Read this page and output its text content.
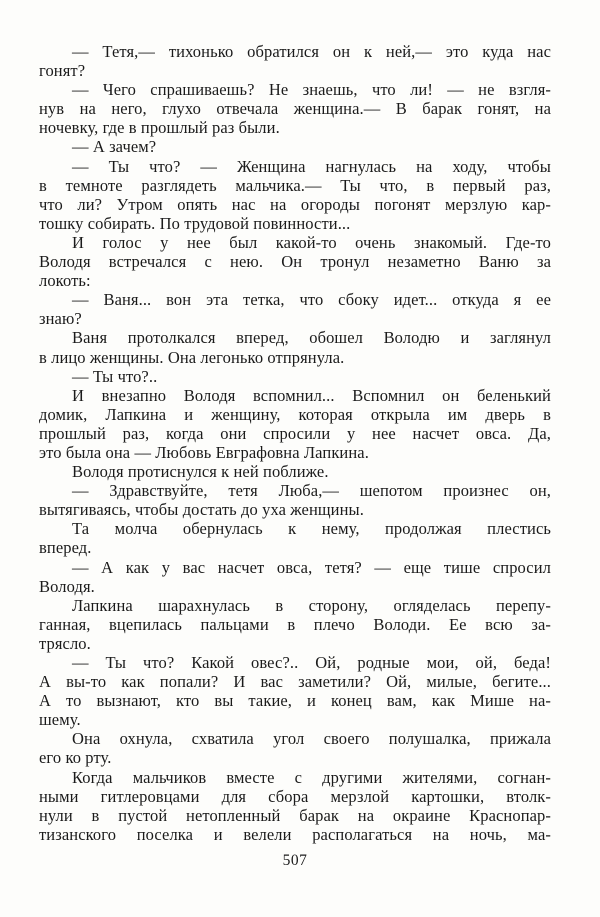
— Тетя,— тихонько обратился он к ней,— это куда нас
гонят?
— Чего спрашиваешь? Не знаешь, что ли! — не взгля-
нув на него, глухо отвечала женщина.— В барак гонят, на
ночевку, где в прошлый раз были.
— А зачем?
— Ты что? — Женщина нагнулась на ходу, чтобы
в темноте разглядеть мальчика.— Ты что, в первый раз,
что ли? Утром опять нас на огороды погонят мерзлую кар-
тошку собирать. По трудовой повинности...
И голос у нее был какой-то очень знакомый. Где-то
Володя встречался с нею. Он тронул незаметно Ваню за
локоть:
— Ваня... вон эта тетка, что сбоку идет... откуда я ее
знаю?
Ваня протолкался вперед, обошел Володю и заглянул
в лицо женщины. Она легонько отпрянула.
— Ты что?..
И внезапно Володя вспомнил... Вспомнил он беленький
домик, Лапкина и женщину, которая открыла им дверь в
прошлый раз, когда они спросили у нее насчет овса. Да,
это была она — Любовь Евграфовна Лапкина.
Володя протиснулся к ней поближе.
— Здравствуйте, тетя Люба,— шепотом произнес он,
вытягиваясь, чтобы достать до уха женщины.
Та молча обернулась к нему, продолжая плестись
вперед.
— А как у вас насчет овса, тетя? — еще тише спросил
Володя.
Лапкина шарахнулась в сторону, огляделась перепу-
ганная, вцепилась пальцами в плечо Володи. Ее всю за-
трясло.
— Ты что? Какой овес?.. Ой, родные мои, ой, беда!
А вы-то как попали? И вас заметили? Ой, милые, бегите...
А то вызнают, кто вы такие, и конец вам, как Мише на-
шему.
Она охнула, схватила угол своего полушалка, прижала
его ко рту.
Когда мальчиков вместе с другими жителями, согнан-
ными гитлеровцами для сбора мерзлой картошки, втолк-
нули в пустой нетопленный барак на окраине Краснопар-
тизанского поселка и велели располагаться на ночь, ма-
507
